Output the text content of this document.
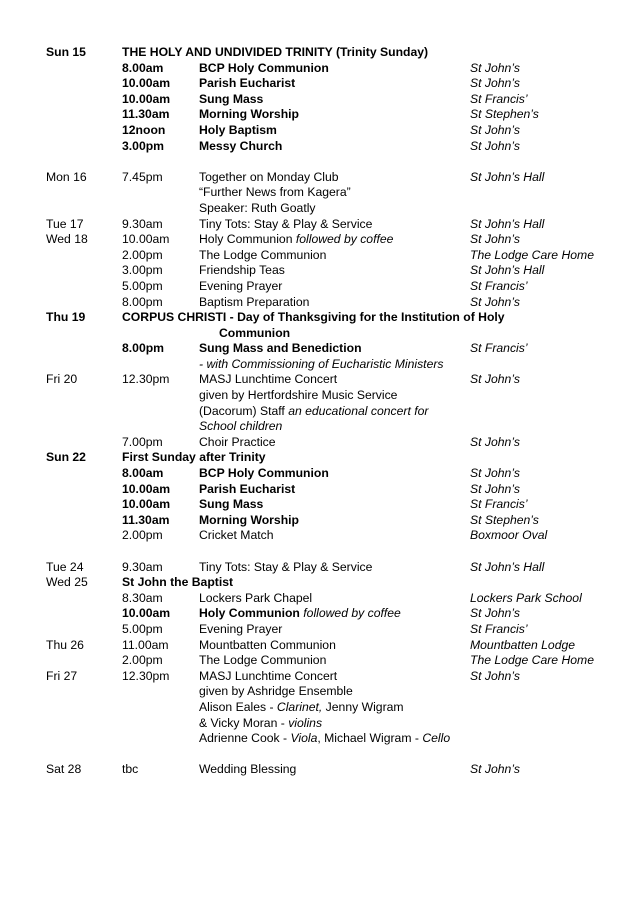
Sun 15	THE HOLY AND UNDIVIDED TRINITY (Trinity Sunday)
8.00am	BCP Holy Communion	St John’s
10.00am Parish Eucharist	St John’s
10.00am Sung Mass	St Francis’
11.30am Morning Worship	St Stephen’s
12noon	Holy Baptism	St John’s
3.00pm	Messy Church	St John’s
Mon 16	7.45pm	Together on Monday Club	St John’s Hall
“Further News from Kagera”
Speaker: Ruth Goatly
Tue 17	9.30am	Tiny Tots: Stay & Play & Service	St John’s Hall
Wed 18	10.00am Holy Communion followed by coffee	St John’s
2.00pm	The Lodge Communion	The Lodge Care Home
3.00pm	Friendship Teas	St John’s Hall
5.00pm	Evening Prayer	St Francis’
8.00pm	Baptism Preparation	St John’s
Thu 19	CORPUS CHRISTI - Day of Thanksgiving for the Institution of Holy
Communion
8.00pm	Sung Mass and Benediction	St Francis’
- with Commissioning of Eucharistic Ministers
Fri 20	12.30pm MASJ Lunchtime Concert	St John’s
given by Hertfordshire Music Service
(Dacorum) Staff an educational concert for
School children
7.00pm	Choir Practice	St John’s
Sun 22	First Sunday after Trinity
8.00am	BCP Holy Communion	St John’s
10.00am Parish Eucharist	St John’s
10.00am Sung Mass	St Francis’
11.30am Morning Worship	St Stephen’s
2.00pm	Cricket Match	Boxmoor Oval
Tue 24	9.30am	Tiny Tots: Stay & Play & Service	St John’s Hall
Wed 25	St John the Baptist
8.30am	Lockers Park Chapel	Lockers Park School
10.00am Holy Communion followed by coffee	St John’s
5.00pm	Evening Prayer	St Francis’
Thu 26	11.00am Mountbatten Communion	Mountbatten Lodge
2.00pm	The Lodge Communion	The Lodge Care Home
Fri 27	12.30pm MASJ Lunchtime Concert	St John’s
given by Ashridge Ensemble
Alison Eales - Clarinet, Jenny Wigram
& Vicky Moran - violins
Adrienne Cook - Viola, Michael Wigram - Cello
Sat 28	tbc	Wedding Blessing	St John’s
